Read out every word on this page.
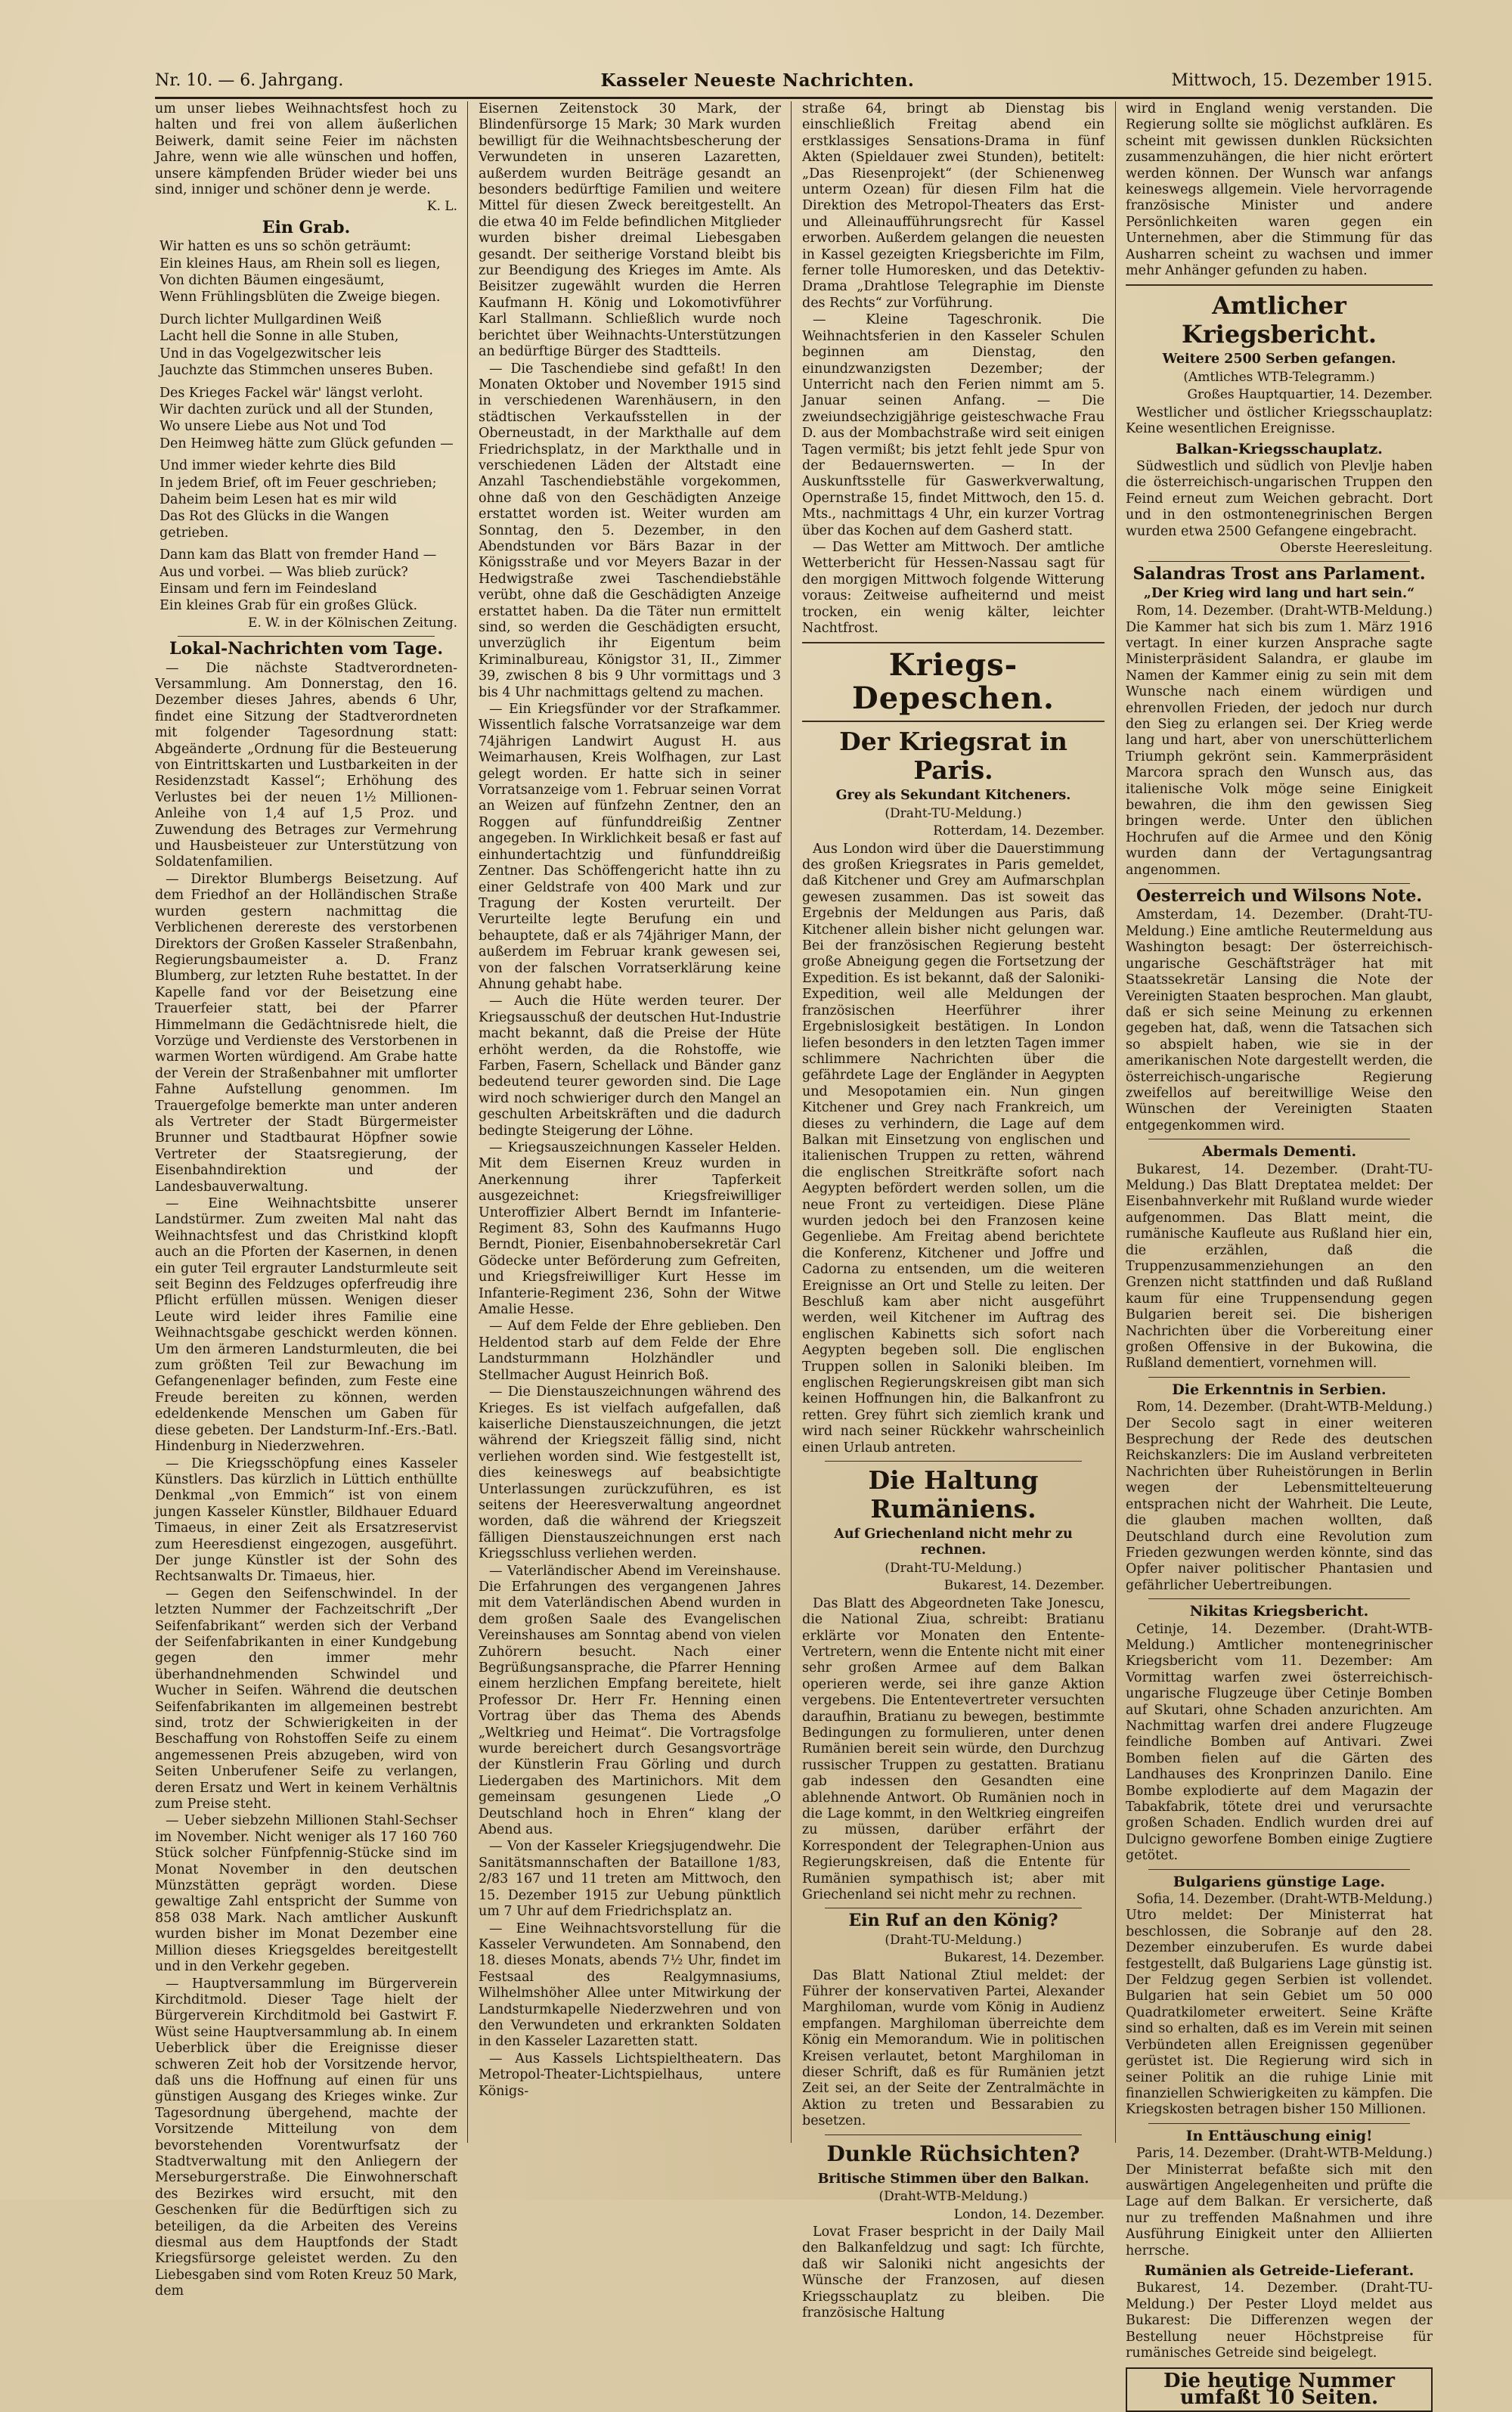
Nr. 10. — 6. Jahrgang.	Kasseler Neueste Nachrichten.	Mittwoch, 15. Dezember 1915.

um unser liebes Weihnachtsfest hoch zu halten und frei von allem äußerlichen Beiwerk, damit seine Feier im nächsten Jahre, wenn wie alle wünschen und hoffen, unsere kämpfenden Brüder wieder bei uns sind, inniger und schöner denn je werde.

K. L.
Ein Grab.

Wir hatten es uns so schön geträumt:

Ein kleines Haus, am Rhein soll es liegen,

Von dichten Bäumen eingesäumt,

Wenn Frühlingsblüten die Zweige biegen.

Durch lichter Mullgardinen Weiß

Lacht hell die Sonne in alle Stuben,

Und in das Vogelgezwitscher leis

Jauchzte das Stimmchen unseres Buben.

Des Krieges Fackel wär' längst verloht.

Wir dachten zurück und all der Stunden,

Wo unsere Liebe aus Not und Tod

Den Heimweg hätte zum Glück gefunden —

Und immer wieder kehrte dies Bild

In jedem Brief, oft im Feuer geschrieben;

Daheim beim Lesen hat es mir wild

Das Rot des Glücks in die Wangen getrieben.

Dann kam das Blatt von fremder Hand —

Aus und vorbei. — Was blieb zurück?

Einsam und fern im Feindesland

Ein kleines Grab für ein großes Glück.

E. W. in der Kölnischen Zeitung.
Lokal-Nachrichten vom Tage.

— Die nächste Stadtverordneten-Versammlung. Am Donnerstag, den 16. Dezember dieses Jahres, abends 6 Uhr, findet eine Sitzung der Stadtverordneten mit folgender Tagesordnung statt: Abgeänderte „Ordnung für die Besteuerung von Eintrittskarten und Lustbarkeiten in der Residenzstadt Kassel“; Erhöhung des Verlustes bei der neuen 1½ Millionen-Anleihe von 1,4 auf 1,5 Proz. und Zuwendung des Betrages zur Vermehrung und Hausbeisteuer zur Unterstützung von Soldatenfamilien.

— Direktor Blumbergs Beisetzung. Auf dem Friedhof an der Holländischen Straße wurden gestern nachmittag die Verblichenen derereste des verstorbenen Direktors der Großen Kasseler Straßenbahn, Regierungsbaumeister a. D. Franz Blumberg, zur letzten Ruhe bestattet. In der Kapelle fand vor der Beisetzung eine Trauerfeier statt, bei der Pfarrer Himmelmann die Gedächtnisrede hielt, die Vorzüge und Verdienste des Verstorbenen in warmen Worten würdigend. Am Grabe hatte der Verein der Straßenbahner mit umflorter Fahne Aufstellung genommen. Im Trauergefolge bemerkte man unter anderen als Vertreter der Stadt Bürgermeister Brunner und Stadtbaurat Höpfner sowie Vertreter der Staatsregierung, der Eisenbahndirektion und der Landesbauverwaltung.

— Eine Weihnachtsbitte unserer Landstürmer. Zum zweiten Mal naht das Weihnachtsfest und das Christkind klopft auch an die Pforten der Kasernen, in denen ein guter Teil ergrauter Landsturmleute seit seit Beginn des Feldzuges opferfreudig ihre Pflicht erfüllen müssen. Wenigen dieser Leute wird leider ihres Familie eine Weihnachtsgabe geschickt werden können. Um den ärmeren Landsturmleuten, die bei zum größten Teil zur Bewachung im Gefangenenlager befinden, zum Feste eine Freude bereiten zu können, werden edeldenkende Menschen um Gaben für diese gebeten. Der Landsturm-Inf.-Ers.-Batl. Hindenburg in Niederzwehren.

— Die Kriegsschöpfung eines Kasseler Künstlers. Das kürzlich in Lüttich enthüllte Denkmal „von Emmich“ ist von einem jungen Kasseler Künstler, Bildhauer Eduard Timaeus, in einer Zeit als Ersatzreservist zum Heeresdienst eingezogen, ausgeführt. Der junge Künstler ist der Sohn des Rechtsanwalts Dr. Timaeus, hier.

— Gegen den Seifenschwindel. In der letzten Nummer der Fachzeitschrift „Der Seifenfabrikant“ werden sich der Verband der Seifenfabrikanten in einer Kundgebung gegen den immer mehr überhandnehmenden Schwindel und Wucher in Seifen. Während die deutschen Seifenfabrikanten im allgemeinen bestrebt sind, trotz der Schwierigkeiten in der Beschaffung von Rohstoffen Seife zu einem angemessenen Preis abzugeben, wird von Seiten Unberufener Seife zu verlangen, deren Ersatz und Wert in keinem Verhältnis zum Preise steht.

— Ueber siebzehn Millionen Stahl-Sechser im November. Nicht weniger als 17 160 760 Stück solcher Fünfpfennig-Stücke sind im Monat November in den deutschen Münzstätten geprägt worden. Diese gewaltige Zahl entspricht der Summe von 858 038 Mark. Nach amtlicher Auskunft wurden bisher im Monat Dezember eine Million dieses Kriegsgeldes bereitgestellt und in den Verkehr gegeben.

— Hauptversammlung im Bürgerverein Kirchditmold. Dieser Tage hielt der Bürgerverein Kirchditmold bei Gastwirt F. Wüst seine Hauptversammlung ab. In einem Ueberblick über die Ereignisse dieser schweren Zeit hob der Vorsitzende hervor, daß uns die Hoffnung auf einen für uns günstigen Ausgang des Krieges winke. Zur Tagesordnung übergehend, machte der Vorsitzende Mitteilung von dem bevorstehenden Vorentwurfsatz der Stadtverwaltung mit den Anliegern der Merseburgerstraße. Die Einwohnerschaft des Bezirkes wird ersucht, mit den Geschenken für die Bedürftigen sich zu beteiligen, da die Arbeiten des Vereins diesmal aus dem Hauptfonds der Stadt Kriegsfürsorge geleistet werden. Zu den Liebesgaben sind vom Roten Kreuz 50 Mark, dem

Eisernen Zeitenstock 30 Mark, der Blindenfürsorge 15 Mark; 30 Mark wurden bewilligt für die Weihnachtsbescherung der Verwundeten in unseren Lazaretten, außerdem wurden Beiträge gesandt an besonders bedürftige Familien und weitere Mittel für diesen Zweck bereitgestellt. An die etwa 40 im Felde befindlichen Mitglieder wurden bisher dreimal Liebesgaben gesandt. Der seitherige Vorstand bleibt bis zur Beendigung des Krieges im Amte. Als Beisitzer zugewählt wurden die Herren Kaufmann H. König und Lokomotivführer Karl Stallmann. Schließlich wurde noch berichtet über Weihnachts-Unterstützungen an bedürftige Bürger des Stadtteils.

— Die Taschendiebe sind gefaßt! In den Monaten Oktober und November 1915 sind in verschiedenen Warenhäusern, in den städtischen Verkaufsstellen in der Oberneustadt, in der Markthalle auf dem Friedrichsplatz, in der Markthalle und in verschiedenen Läden der Altstadt eine Anzahl Taschendiebstähle vorgekommen, ohne daß von den Geschädigten Anzeige erstattet worden ist. Weiter wurden am Sonntag, den 5. Dezember, in den Abendstunden vor Bärs Bazar in der Königsstraße und vor Meyers Bazar in der Hedwigstraße zwei Taschendiebstähle verübt, ohne daß die Geschädigten Anzeige erstattet haben. Da die Täter nun ermittelt sind, so werden die Geschädigten ersucht, unverzüglich ihr Eigentum beim Kriminalbureau, Königstor 31, II., Zimmer 39, zwischen 8 bis 9 Uhr vormittags und 3 bis 4 Uhr nachmittags geltend zu machen.

— Ein Kriegsfünder vor der Strafkammer. Wissentlich falsche Vorratsanzeige war dem 74jährigen Landwirt August H. aus Weimarhausen, Kreis Wolfhagen, zur Last gelegt worden. Er hatte sich in seiner Vorratsanzeige vom 1. Februar seinen Vorrat an Weizen auf fünfzehn Zentner, den an Roggen auf fünfunddreißig Zentner angegeben. In Wirklichkeit besaß er fast auf einhundertachtzig und fünfunddreißig Zentner. Das Schöffengericht hatte ihn zu einer Geldstrafe von 400 Mark und zur Tragung der Kosten verurteilt. Der Verurteilte legte Berufung ein und behauptete, daß er als 74jähriger Mann, der außerdem im Februar krank gewesen sei, von der falschen Vorratserklärung keine Ahnung gehabt habe.

— Auch die Hüte werden teurer. Der Kriegsausschuß der deutschen Hut-Industrie macht bekannt, daß die Preise der Hüte erhöht werden, da die Rohstoffe, wie Farben, Fasern, Schellack und Bänder ganz bedeutend teurer geworden sind. Die Lage wird noch schwieriger durch den Mangel an geschulten Arbeitskräften und die dadurch bedingte Steigerung der Löhne.

— Kriegsauszeichnungen Kasseler Helden. Mit dem Eisernen Kreuz wurden in Anerkennung ihrer Tapferkeit ausgezeichnet: Kriegsfreiwilliger Unteroffizier Albert Berndt im Infanterie-Regiment 83, Sohn des Kaufmanns Hugo Berndt, Pionier, Eisenbahnobersekretär Carl Gödecke unter Beförderung zum Gefreiten, und Kriegsfreiwilliger Kurt Hesse im Infanterie-Regiment 236, Sohn der Witwe Amalie Hesse.

— Auf dem Felde der Ehre geblieben. Den Heldentod starb auf dem Felde der Ehre Landsturmmann Holzhändler und Stellmacher August Heinrich Boß.

— Die Dienstauszeichnungen während des Krieges. Es ist vielfach aufgefallen, daß kaiserliche Dienstauszeichnungen, die jetzt während der Kriegszeit fällig sind, nicht verliehen worden sind. Wie festgestellt ist, dies keineswegs auf beabsichtigte Unterlassungen zurückzuführen, es ist seitens der Heeresverwaltung angeordnet worden, daß die während der Kriegszeit fälligen Dienstauszeichnungen erst nach Kriegsschluss verliehen werden.

— Vaterländischer Abend im Vereinshause. Die Erfahrungen des vergangenen Jahres mit dem Vaterländischen Abend wurden in dem großen Saale des Evangelischen Vereinshauses am Sonntag abend von vielen Zuhörern besucht. Nach einer Begrüßungsansprache, die Pfarrer Henning einem herzlichen Empfang bereitete, hielt Professor Dr. Herr Fr. Henning einen Vortrag über das Thema des Abends „Weltkrieg und Heimat“. Die Vortragsfolge wurde bereichert durch Gesangsvorträge der Künstlerin Frau Görling und durch Liedergaben des Martinichors. Mit dem gemeinsam gesungenen Liede „O Deutschland hoch in Ehren“ klang der Abend aus.

— Von der Kasseler Kriegsjugendwehr. Die Sanitätsmannschaften der Bataillone 1/83, 2/83 167 und 11 treten am Mittwoch, den 15. Dezember 1915 zur Uebung pünktlich um 7 Uhr auf dem Friedrichsplatz an.

— Eine Weihnachtsvorstellung für die Kasseler Verwundeten. Am Sonnabend, den 18. dieses Monats, abends 7½ Uhr, findet im Festsaal des Realgymnasiums, Wilhelmshöher Allee unter Mitwirkung der Landsturmkapelle Niederzwehren und von den Verwundeten und erkrankten Soldaten in den Kasseler Lazaretten statt.

— Aus Kassels Lichtspieltheatern. Das Metropol-Theater-Lichtspielhaus, untere Königs-

straße 64, bringt ab Dienstag bis einschließlich Freitag abend ein erstklassiges Sensations-Drama in fünf Akten (Spieldauer zwei Stunden), betitelt: „Das Riesenprojekt“ (der Schienenweg unterm Ozean) für diesen Film hat die Direktion des Metropol-Theaters das Erst- und Alleinaufführungsrecht für Kassel erworben. Außerdem gelangen die neuesten in Kassel gezeigten Kriegsberichte im Film, ferner tolle Humoresken, und das Detektiv-Drama „Drahtlose Telegraphie im Dienste des Rechts“ zur Vorführung.

— Kleine Tageschronik. Die Weihnachtsferien in den Kasseler Schulen beginnen am Dienstag, den einundzwanzigsten Dezember; der Unterricht nach den Ferien nimmt am 5. Januar seinen Anfang. — Die zweiundsechzigjährige geisteschwache Frau D. aus der Mombachstraße wird seit einigen Tagen vermißt; bis jetzt fehlt jede Spur von der Bedauernswerten. — In der Auskunftsstelle für Gaswerkverwaltung, Opernstraße 15, findet Mittwoch, den 15. d. Mts., nachmittags 4 Uhr, ein kurzer Vortrag über das Kochen auf dem Gasherd statt.

— Das Wetter am Mittwoch. Der amtliche Wetterbericht für Hessen-Nassau sagt für den morgigen Mittwoch folgende Witterung voraus: Zeitweise aufheiternd und meist trocken, ein wenig kälter, leichter Nachtfrost.

Kriegs-Depeschen.
Der Kriegsrat in Paris.
Grey als Sekundant Kitcheners.
(Draht-TU-Meldung.)
Rotterdam, 14. Dezember.

Aus London wird über die Dauerstimmung des großen Kriegsrates in Paris gemeldet, daß Kitchener und Grey am Aufmarschplan gewesen zusammen. Das ist soweit das Ergebnis der Meldungen aus Paris, daß Kitchener allein bisher nicht gelungen war. Bei der französischen Regierung besteht große Abneigung gegen die Fortsetzung der Expedition. Es ist bekannt, daß der Saloniki-Expedition, weil alle Meldungen der französischen Heerführer ihrer Ergebnislosigkeit bestätigen. In London liefen besonders in den letzten Tagen immer schlimmere Nachrichten über die gefährdete Lage der Engländer in Aegypten und Mesopotamien ein. Nun gingen Kitchener und Grey nach Frankreich, um dieses zu verhindern, die Lage auf dem Balkan mit Einsetzung von englischen und italienischen Truppen zu retten, während die englischen Streitkräfte sofort nach Aegypten befördert werden sollen, um die neue Front zu verteidigen. Diese Pläne wurden jedoch bei den Franzosen keine Gegenliebe. Am Freitag abend berichtete die Konferenz, Kitchener und Joffre und Cadorna zu entsenden, um die weiteren Ereignisse an Ort und Stelle zu leiten. Der Beschluß kam aber nicht ausgeführt werden, weil Kitchener im Auftrag des englischen Kabinetts sich sofort nach Aegypten begeben soll. Die englischen Truppen sollen in Saloniki bleiben. Im englischen Regierungskreisen gibt man sich keinen Hoffnungen hin, die Balkanfront zu retten. Grey führt sich ziemlich krank und wird nach seiner Rückkehr wahrscheinlich einen Urlaub antreten.

Die Haltung Rumäniens.
Auf Griechenland nicht mehr zu rechnen.
(Draht-TU-Meldung.)
Bukarest, 14. Dezember.

Das Blatt des Abgeordneten Take Jonescu, die National Ziua, schreibt: Bratianu erklärte vor Monaten den Entente-Vertretern, wenn die Entente nicht mit einer sehr großen Armee auf dem Balkan operieren werde, sei ihre ganze Aktion vergebens. Die Ententevertreter versuchten daraufhin, Bratianu zu bewegen, bestimmte Bedingungen zu formulieren, unter denen Rumänien bereit sein würde, den Durchzug russischer Truppen zu gestatten. Bratianu gab indessen den Gesandten eine ablehnende Antwort. Ob Rumänien noch in die Lage kommt, in den Weltkrieg eingreifen zu müssen, darüber erfährt der Korrespondent der Telegraphen-Union aus Regierungskreisen, daß die Entente für Rumänien sympathisch ist; aber mit Griechenland sei nicht mehr zu rechnen.

Ein Ruf an den König?
(Draht-TU-Meldung.)
Bukarest, 14. Dezember.

Das Blatt National Ztiul meldet: der Führer der konservativen Partei, Alexander Marghiloman, wurde vom König in Audienz empfangen. Marghiloman überreichte dem König ein Memorandum. Wie in politischen Kreisen verlautet, betont Marghiloman in dieser Schrift, daß es für Rumänien jetzt Zeit sei, an der Seite der Zentralmächte in Aktion zu treten und Bessarabien zu besetzen.

Dunkle Rüchsichten?
Britische Stimmen über den Balkan.
(Draht-WTB-Meldung.)
London, 14. Dezember.

Lovat Fraser bespricht in der Daily Mail den Balkanfeldzug und sagt: Ich fürchte, daß wir Saloniki nicht angesichts der Wünsche der Franzosen, auf diesen Kriegsschauplatz zu bleiben. Die französische Haltung

wird in England wenig verstanden. Die Regierung sollte sie möglichst aufklären. Es scheint mit gewissen dunklen Rücksichten zusammenzuhängen, die hier nicht erörtert werden können. Der Wunsch war anfangs keineswegs allgemein. Viele hervorragende französische Minister und andere Persönlichkeiten waren gegen ein Unternehmen, aber die Stimmung für das Ausharren scheint zu wachsen und immer mehr Anhänger gefunden zu haben.

Amtlicher Kriegsbericht.
Weitere 2500 Serben gefangen.
(Amtliches WTB-Telegramm.)
Großes Hauptquartier, 14. Dezember.

Westlicher und östlicher Kriegsschauplatz: Keine wesentlichen Ereignisse.

Balkan-Kriegsschauplatz.

Südwestlich und südlich von Plevlje haben die österreichisch-ungarischen Truppen den Feind erneut zum Weichen gebracht. Dort und in den ostmontenegrinischen Bergen wurden etwa 2500 Gefangene eingebracht.

Oberste Heeresleitung.
Salandras Trost ans Parlament.
„Der Krieg wird lang und hart sein.“

Rom, 14. Dezember. (Draht-WTB-Meldung.) Die Kammer hat sich bis zum 1. März 1916 vertagt. In einer kurzen Ansprache sagte Ministerpräsident Salandra, er glaube im Namen der Kammer einig zu sein mit dem Wunsche nach einem würdigen und ehrenvollen Frieden, der jedoch nur durch den Sieg zu erlangen sei. Der Krieg werde lang und hart, aber von unerschütterlichem Triumph gekrönt sein. Kammerpräsident Marcora sprach den Wunsch aus, das italienische Volk möge seine Einigkeit bewahren, die ihm den gewissen Sieg bringen werde. Unter den üblichen Hochrufen auf die Armee und den König wurden dann der Vertagungsantrag angenommen.

Oesterreich und Wilsons Note.

Amsterdam, 14. Dezember. (Draht-TU-Meldung.) Eine amtliche Reutermeldung aus Washington besagt: Der österreichisch-ungarische Geschäftsträger hat mit Staatssekretär Lansing die Note der Vereinigten Staaten besprochen. Man glaubt, daß er sich seine Meinung zu erkennen gegeben hat, daß, wenn die Tatsachen sich so abspielt haben, wie sie in der amerikanischen Note dargestellt werden, die österreichisch-ungarische Regierung zweifellos auf bereitwillige Weise den Wünschen der Vereinigten Staaten entgegenkommen wird.

Abermals Dementi.

Bukarest, 14. Dezember. (Draht-TU-Meldung.) Das Blatt Dreptatea meldet: Der Eisenbahnverkehr mit Rußland wurde wieder aufgenommen. Das Blatt meint, die rumänische Kaufleute aus Rußland hier ein, die erzählen, daß die Truppenzusammenziehungen an den Grenzen nicht stattfinden und daß Rußland kaum für eine Truppensendung gegen Bulgarien bereit sei. Die bisherigen Nachrichten über die Vorbereitung einer großen Offensive in der Bukowina, die Rußland dementiert, vornehmen will.

Die Erkenntnis in Serbien.

Rom, 14. Dezember. (Draht-WTB-Meldung.) Der Secolo sagt in einer weiteren Besprechung der Rede des deutschen Reichskanzlers: Die im Ausland verbreiteten Nachrichten über Ruheistörungen in Berlin wegen der Lebensmittelteuerung entsprachen nicht der Wahrheit. Die Leute, die glauben machen wollten, daß Deutschland durch eine Revolution zum Frieden gezwungen werden könnte, sind das Opfer naiver politischer Phantasien und gefährlicher Uebertreibungen.

Nikitas Kriegsbericht.

Cetinje, 14. Dezember. (Draht-WTB-Meldung.) Amtlicher montenegrinischer Kriegsbericht vom 11. Dezember: Am Vormittag warfen zwei österreichisch-ungarische Flugzeuge über Cetinje Bomben auf Skutari, ohne Schaden anzurichten. Am Nachmittag warfen drei andere Flugzeuge feindliche Bomben auf Antivari. Zwei Bomben fielen auf die Gärten des Landhauses des Kronprinzen Danilo. Eine Bombe explodierte auf dem Magazin der Tabakfabrik, tötete drei und verursachte großen Schaden. Endlich wurden drei auf Dulcigno geworfene Bomben einige Zugtiere getötet.

Bulgariens günstige Lage.

Sofia, 14. Dezember. (Draht-WTB-Meldung.) Utro meldet: Der Ministerrat hat beschlossen, die Sobranje auf den 28. Dezember einzuberufen. Es wurde dabei festgestellt, daß Bulgariens Lage günstig ist. Der Feldzug gegen Serbien ist vollendet. Bulgarien hat sein Gebiet um 50 000 Quadratkilometer erweitert. Seine Kräfte sind so erhalten, daß es im Verein mit seinen Verbündeten allen Ereignissen gegenüber gerüstet ist. Die Regierung wird sich in seiner Politik an die ruhige Linie mit finanziellen Schwierigkeiten zu kämpfen. Die Kriegskosten betragen bisher 150 Millionen.

In Enttäuschung einig!

Paris, 14. Dezember. (Draht-WTB-Meldung.) Der Ministerrat befaßte sich mit den auswärtigen Angelegenheiten und prüfte die Lage auf dem Balkan. Er versicherte, daß nur zu treffenden Maßnahmen und ihre Ausführung Einigkeit unter den Alliierten herrsche.

Rumänien als Getreide-Lieferant.

Bukarest, 14. Dezember. (Draht-TU-Meldung.) Der Pester Lloyd meldet aus Bukarest: Die Differenzen wegen der Bestellung neuer Höchstpreise für rumänisches Getreide sind beigelegt.

Die heutige Nummer umfaßt 10 Seiten.
